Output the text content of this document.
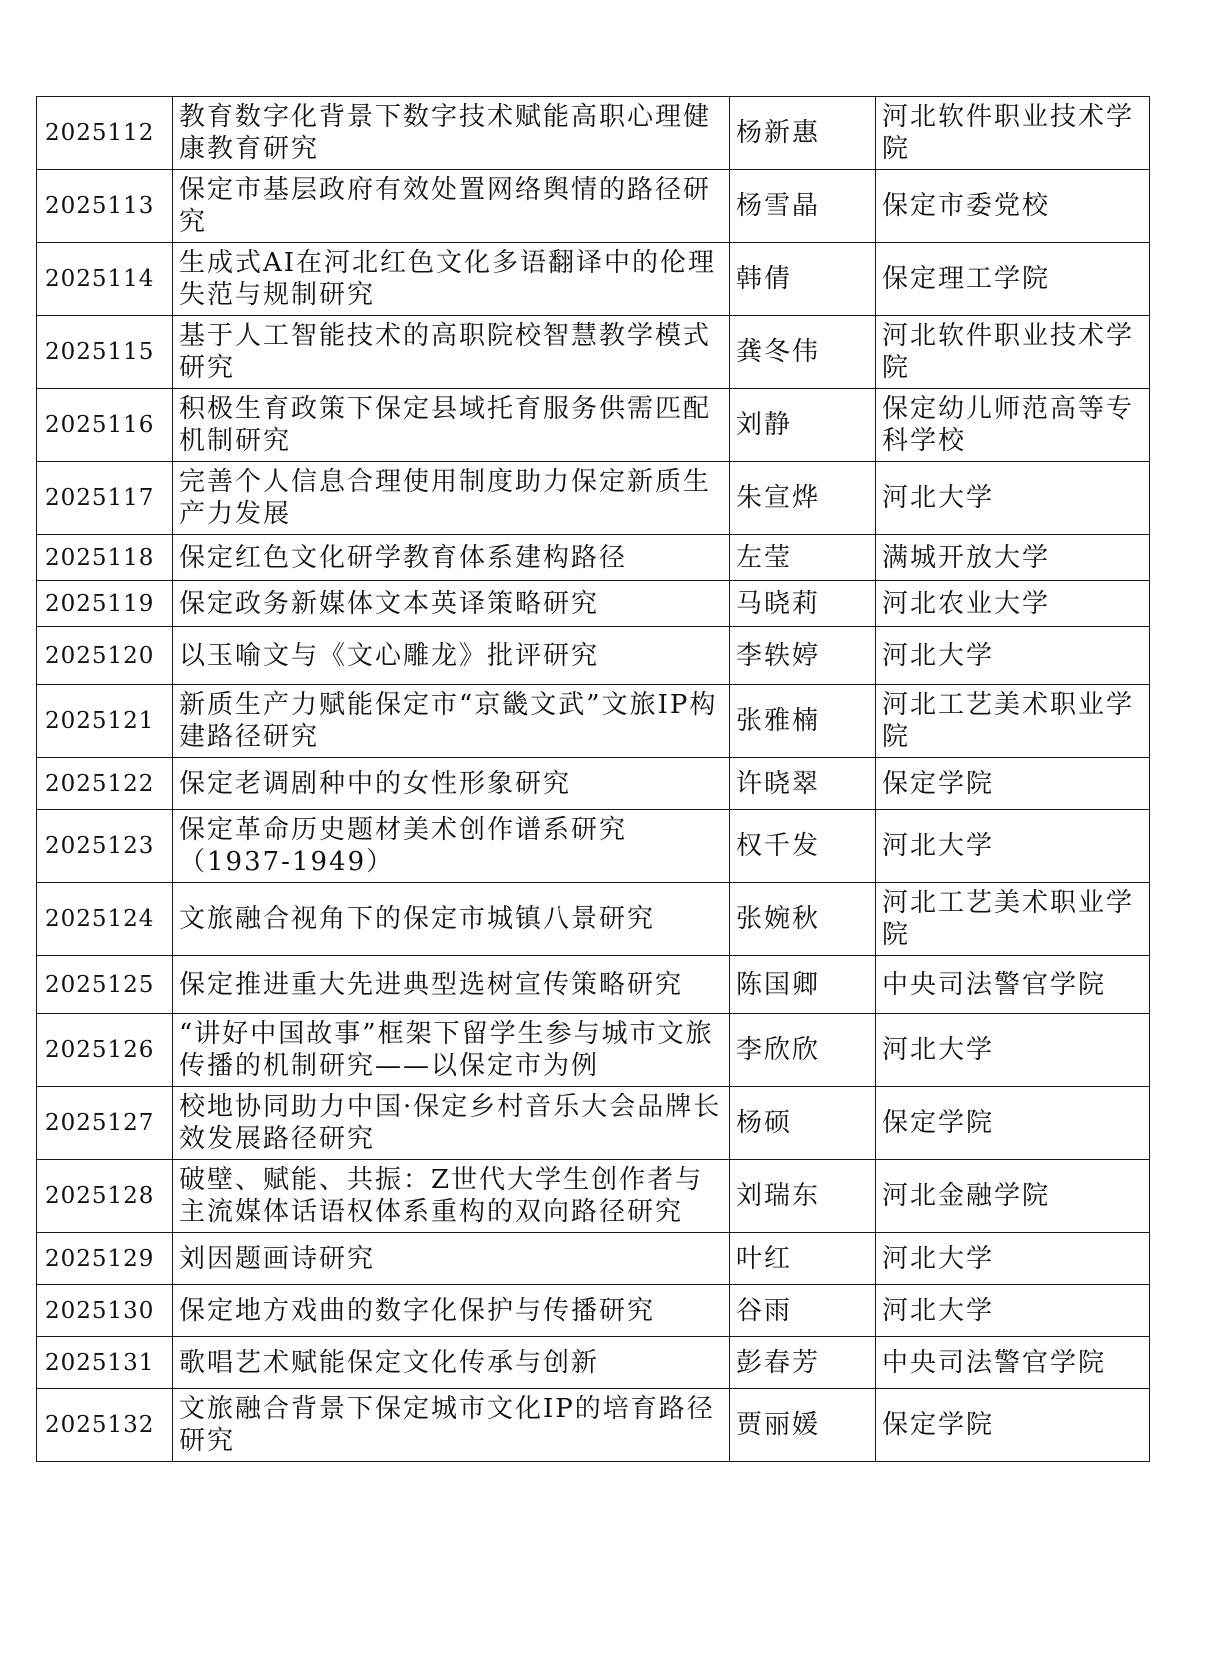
2025112	教育数字化背景下数字技术赋能高职心理健康教育研究	杨新惠	河北软件职业技术学院
2025113	保定市基层政府有效处置网络舆情的路径研究	杨雪晶	保定市委党校
2025114	生成式AI在河北红色文化多语翻译中的伦理失范与规制研究	韩倩	保定理工学院
2025115	基于人工智能技术的高职院校智慧教学模式研究	龚冬伟	河北软件职业技术学院
2025116	积极生育政策下保定县域托育服务供需匹配机制研究	刘静	保定幼儿师范高等专科学校
2025117	完善个人信息合理使用制度助力保定新质生产力发展	朱宣烨	河北大学
2025118	保定红色文化研学教育体系建构路径	左莹	满城开放大学
2025119	保定政务新媒体文本英译策略研究	马晓莉	河北农业大学
2025120	以玉喻文与《文心雕龙》批评研究	李轶婷	河北大学
2025121	新质生产力赋能保定市“京畿文武”文旅IP构建路径研究	张雅楠	河北工艺美术职业学院
2025122	保定老调剧种中的女性形象研究	许晓翠	保定学院
2025123	保定革命历史题材美术创作谱系研究（1937-1949）	权千发	河北大学
2025124	文旅融合视角下的保定市城镇八景研究	张婉秋	河北工艺美术职业学院
2025125	保定推进重大先进典型选树宣传策略研究	陈国卿	中央司法警官学院
2025126	“讲好中国故事”框架下留学生参与城市文旅传播的机制研究——以保定市为例	李欣欣	河北大学
2025127	校地协同助力中国·保定乡村音乐大会品牌长效发展路径研究	杨硕	保定学院
2025128	破壁、赋能、共振：Z世代大学生创作者与主流媒体话语权体系重构的双向路径研究	刘瑞东	河北金融学院
2025129	刘因题画诗研究	叶红	河北大学
2025130	保定地方戏曲的数字化保护与传播研究	谷雨	河北大学
2025131	歌唱艺术赋能保定文化传承与创新	彭春芳	中央司法警官学院
2025132	文旅融合背景下保定城市文化IP的培育路径研究	贾丽媛	保定学院
